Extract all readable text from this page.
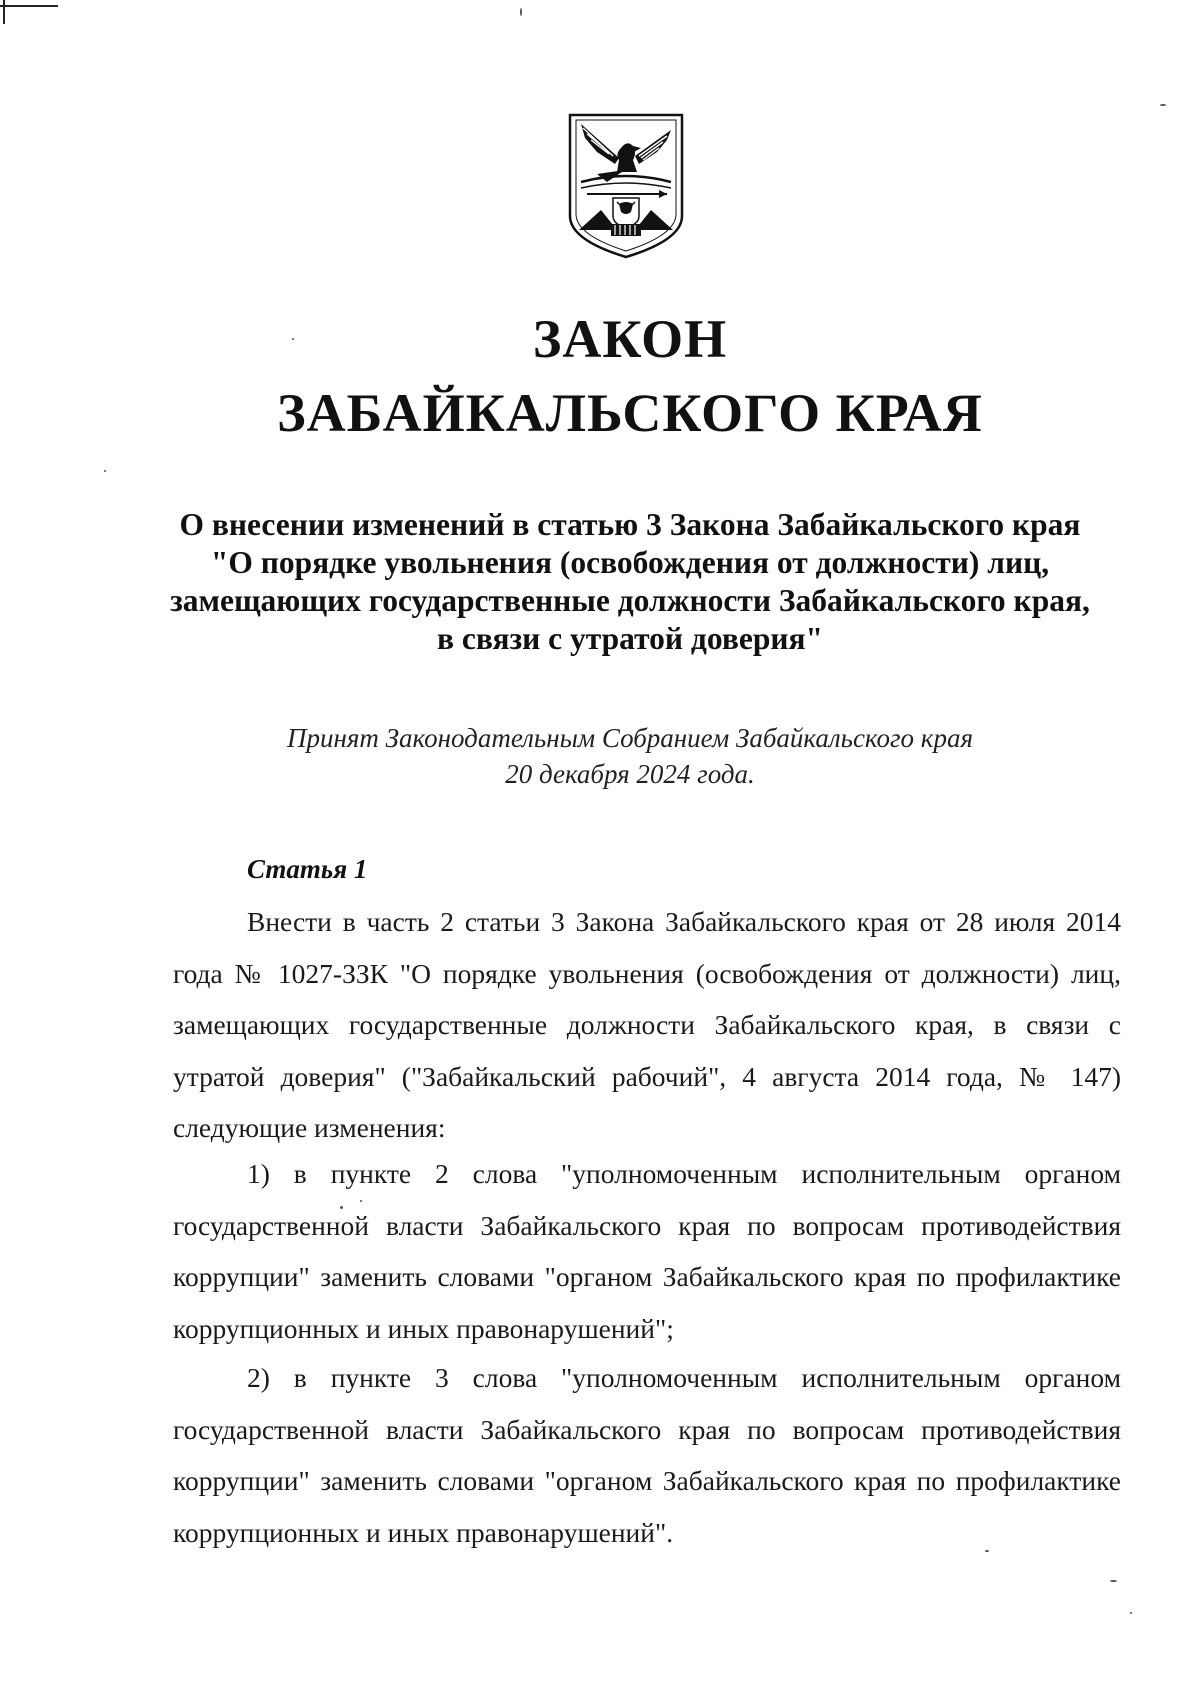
ЗАКОН
ЗАБАЙКАЛЬСКОГО КРАЯ
О внесении изменений в статью 3 Закона Забайкальского края
"О порядке увольнения (освобождения от должности) лиц,
замещающих государственные должности Забайкальского края,
в связи с утратой доверия"
Принят Законодательным Собранием Забайкальского края
20 декабря 2024 года.
Статья 1

Внести в часть 2 статьи 3 Закона Забайкальского края от 28 июля 2014 года № 1027-ЗЗК "О порядке увольнения (освобождения от должности) лиц, замещающих государственные должности Забайкальского края, в связи с утратой доверия" ("Забайкальский рабочий", 4 августа 2014 года, № 147) следующие изменения:

1) в пункте 2 слова "уполномоченным исполнительным органом государственной власти Забайкальского края по вопросам противодействия коррупции" заменить словами "органом Забайкальского края по профилактике коррупционных и иных правонарушений";

2) в пункте 3 слова "уполномоченным исполнительным органом государственной власти Забайкальского края по вопросам противодействия коррупции" заменить словами "органом Забайкальского края по профилактике коррупционных и иных правонарушений".
